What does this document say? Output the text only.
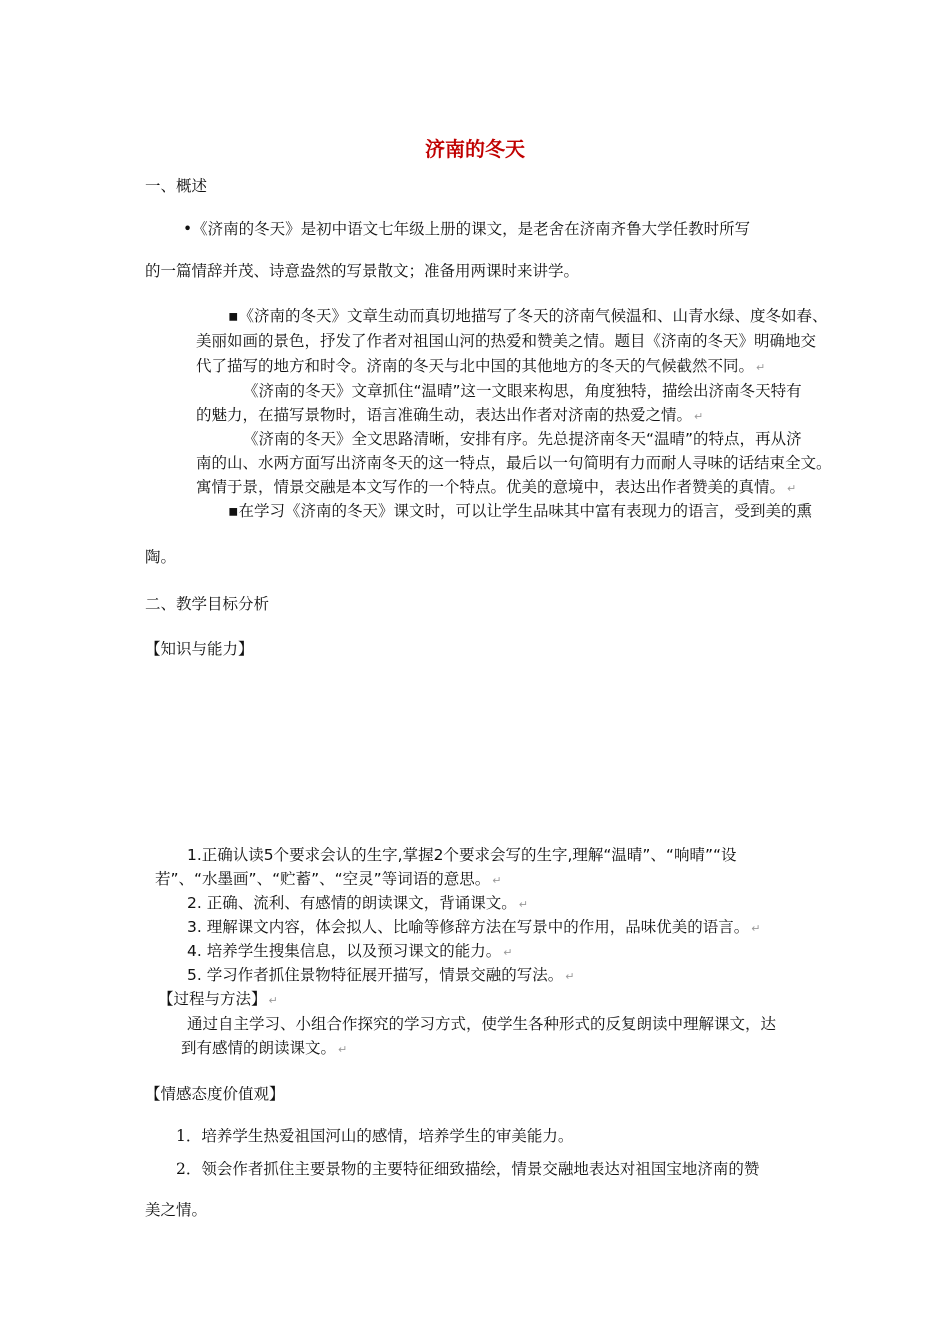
济南的冬天
一、概述
•《济南的冬天》是初中语文七年级上册的课文，是老舍在济南齐鲁大学任教时所写
的一篇情辞并茂、诗意盎然的写景散文；准备用两课时来讲学。
▪《济南的冬天》文章生动而真切地描写了冬天的济南气候温和、山青水绿、度冬如春、
美丽如画的景色，抒发了作者对祖国山河的热爱和赞美之情。题目《济南的冬天》明确地交
代了描写的地方和时令。济南的冬天与北中国的其他地方的冬天的气候截然不同。 ↵
《济南的冬天》文章抓住“温晴”这一文眼来构思，角度独特，描绘出济南冬天特有
的魅力，在描写景物时，语言准确生动，表达出作者对济南的热爱之情。 ↵
《济南的冬天》全文思路清晰，安排有序。先总提济南冬天“温晴”的特点，再从济
南的山、水两方面写出济南冬天的这一特点，最后以一句简明有力而耐人寻味的话结束全文。
寓情于景，情景交融是本文写作的一个特点。优美的意境中，表达出作者赞美的真情。 ↵
▪在学习《济南的冬天》课文时，可以让学生品味其中富有表现力的语言，受到美的熏
陶。
二、教学目标分析
【知识与能力】
1.正确认读5个要求会认的生字,掌握2个要求会写的生字,理解“温晴”、“响晴”“设
若”、“水墨画”、“贮蓄”、“空灵”等词语的意思。 ↵
2. 正确、流利、有感情的朗读课文，背诵课文。 ↵
3. 理解课文内容，体会拟人、比喻等修辞方法在写景中的作用，品味优美的语言。 ↵
4. 培养学生搜集信息，以及预习课文的能力。 ↵
5. 学习作者抓住景物特征展开描写，情景交融的写法。 ↵
【过程与方法】 ↵
通过自主学习、小组合作探究的学习方式，使学生各种形式的反复朗读中理解课文，达
到有感情的朗读课文。 ↵
【情感态度价值观】
1．培养学生热爱祖国河山的感情，培养学生的审美能力。
2．领会作者抓住主要景物的主要特征细致描绘，情景交融地表达对祖国宝地济南的赞
美之情。
